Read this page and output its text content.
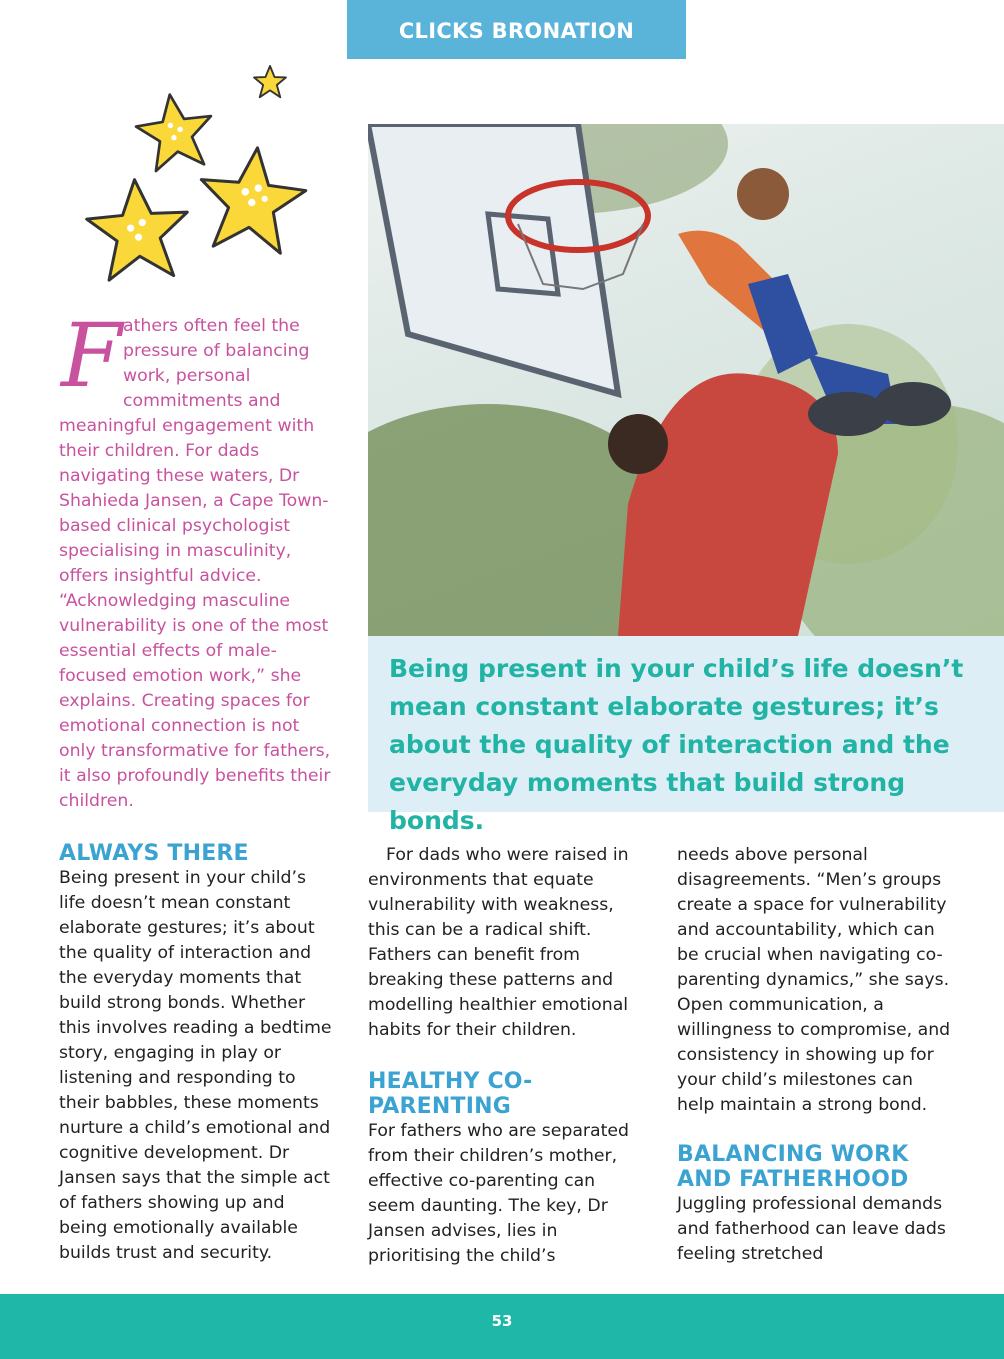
CLICKS BRONATION
Being present in your child’s life doesn’t mean constant elaborate gestures; it’s about the quality of interaction and the everyday moments that build strong bonds.
F athers often feel the pressure of balancing work, personal commitments and meaningful engagement with their children. For dads navigating these waters, Dr Shahieda Jansen, a Cape Town-based clinical psychologist specialising in masculinity, offers insightful advice. “Acknowledging masculine vulnerability is one of the most essential effects of male-focused emotion work,” she explains. Creating spaces for emotional connection is not only transformative for fathers, it also profoundly benefits their children.
ALWAYS THERE

Being present in your child’s life doesn’t mean constant elaborate gestures; it’s about the quality of interaction and the everyday moments that build strong bonds. Whether this involves reading a bedtime story, engaging in play or listening and responding to their babbles, these moments nurture a child’s emotional and cognitive development. Dr Jansen says that the simple act of fathers showing up and being emotionally available builds trust and security.

For dads who were raised in environments that equate vulnerability with weakness, this can be a radical shift. Fathers can benefit from breaking these patterns and modelling healthier emotional habits for their children.

HEALTHY CO-PARENTING

For fathers who are separated from their children’s mother, effective co-parenting can seem daunting. The key, Dr Jansen advises, lies in prioritising the child’s

needs above personal disagreements. “Men’s groups create a space for vulnerability and accountability, which can be crucial when navigating co-parenting dynamics,” she says. Open communication, a willingness to compromise, and consistency in showing up for your child’s milestones can help maintain a strong bond.

BALANCING WORK AND FATHERHOOD

Juggling professional demands and fatherhood can leave dads feeling stretched

53
